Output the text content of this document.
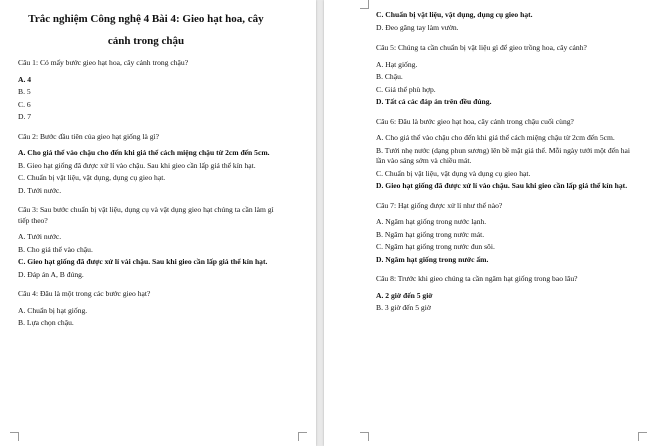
Trắc nghiệm Công nghệ 4 Bài 4: Gieo hạt hoa, cây
cảnh trong chậu
Câu 1: Có mấy bước gieo hạt hoa, cây cảnh trong chậu?
A. 4
B. 5
C. 6
D. 7
Câu 2: Bước đầu tiên của gieo hạt giống là gì?
A. Cho giá thể vào chậu cho đến khi giá thể cách miệng chậu từ 2cm đến 5cm.
B. Gieo hạt giống đã được xử lí vào chậu. Sau khi gieo cần lấp giá thể kín hạt.
C. Chuẩn bị vật liệu, vật dụng, dụng cụ gieo hạt.
D. Tưới nước.
Câu 3: Sau bước chuẩn bị vật liệu, dụng cụ và vật dụng gieo hạt chúng ta cần làm gì tiếp theo?
A. Tưới nước.
B. Cho giá thể vào chậu.
C. Gieo hạt giống đã được xử lí vài chậu. Sau khi gieo cần lấp giá thể kín hạt.
D. Đáp án A, B đúng.
Câu 4: Đâu là một trong các bước gieo hạt?
A. Chuẩn bị hạt giống.
B. Lựa chọn chậu.
C. Chuẩn bị vật liệu, vật dụng, dụng cụ gieo hạt.
D. Đeo găng tay làm vườn.
Câu 5: Chúng ta cần chuẩn bị vật liệu gì để gieo trồng hoa, cây cảnh?
A. Hạt giống.
B. Chậu.
C. Giá thể phù hợp.
D. Tất cả các đáp án trên đều đúng.
Câu 6: Đâu là bước gieo hạt hoa, cây cảnh trong chậu cuối cùng?
A. Cho giá thể vào chậu cho đến khi giá thể cách miệng chậu từ 2cm đến 5cm.
B. Tưới nhẹ nước (dạng phun sương) lên bề mặt giá thể. Mỗi ngày tưới một đến hai lần vào sáng sớm và chiều mát.
C. Chuẩn bị vật liệu, vật dụng và dụng cụ gieo hạt.
D. Gieo hạt giống đã được xử lí vào chậu. Sau khi gieo cần lấp giá thể kín hạt.
Câu 7: Hạt giống được xử lí như thế nào?
A. Ngâm hạt giống trong nước lạnh.
B. Ngâm hạt giống trong nước mát.
C. Ngâm hạt giống trong nước đun sôi.
D. Ngâm hạt giống trong nước ấm.
Câu 8: Trước khi gieo chúng ta cần ngâm hạt giống trong bao lâu?
A. 2 giờ đến 5 giờ
B. 3 giờ đến 5 giờ
